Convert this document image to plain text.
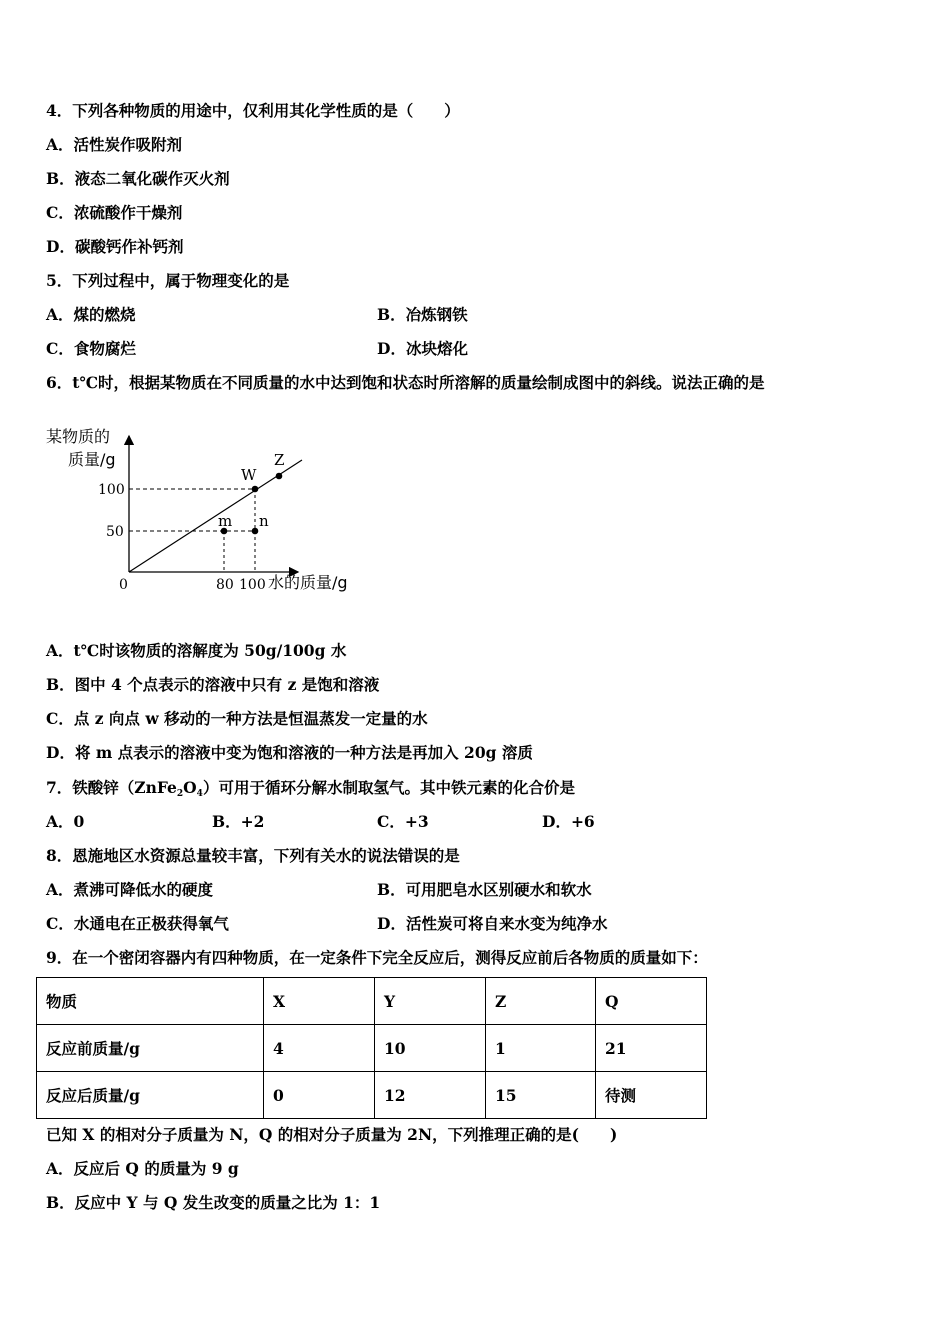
4．下列各种物质的用途中，仅利用其化学性质的是（　　）
A．活性炭作吸附剂
B．液态二氧化碳作灭火剂
C．浓硫酸作干燥剂
D．碳酸钙作补钙剂
5．下列过程中，属于物理变化的是
A．煤的燃烧	B．冶炼钢铁
C．食物腐烂	D．冰块熔化
6．t℃时，根据某物质在不同质量的水中达到饱和状态时所溶解的质量绘制成图中的斜线。说法正确的是
某物质的
质量/g
W
Z
m n
100
50
0	80 100 水的质量/g
A．t℃时该物质的溶解度为 50g/100g 水
B．图中 4 个点表示的溶液中只有 z 是饱和溶液
C．点 z 向点 w 移动的一种方法是恒温蒸发一定量的水
D．将 m 点表示的溶液中变为饱和溶液的一种方法是再加入 20g 溶质
7．铁酸锌$(ZnFe_2O_4)$可用于循环分解水制取氢气。其中铁元素的化合价是
A．0	B．+2	C．+3	D．+6
8．恩施地区水资源总量较丰富，下列有关水的说法错误的是
A．煮沸可降低水的硬度	B．可用肥皂水区别硬水和软水
C．水通电在正极获得氧气	D．活性炭可将自来水变为纯净水
9．在一个密闭容器内有四种物质，在一定条件下完全反应后，测得反应前后各物质的质量如下：
物质	X	Y	Z	Q
反应前质量/g	4	10	1	21
反应后质量/g	0	12	15	待测
已知 X 的相对分子质量为 N，Q 的相对分子质量为 2N，下列推理正确的是(　　)
A．反应后 Q 的质量为 9 g
B．反应中 Y 与 Q 发生改变的质量之比为 1：1
